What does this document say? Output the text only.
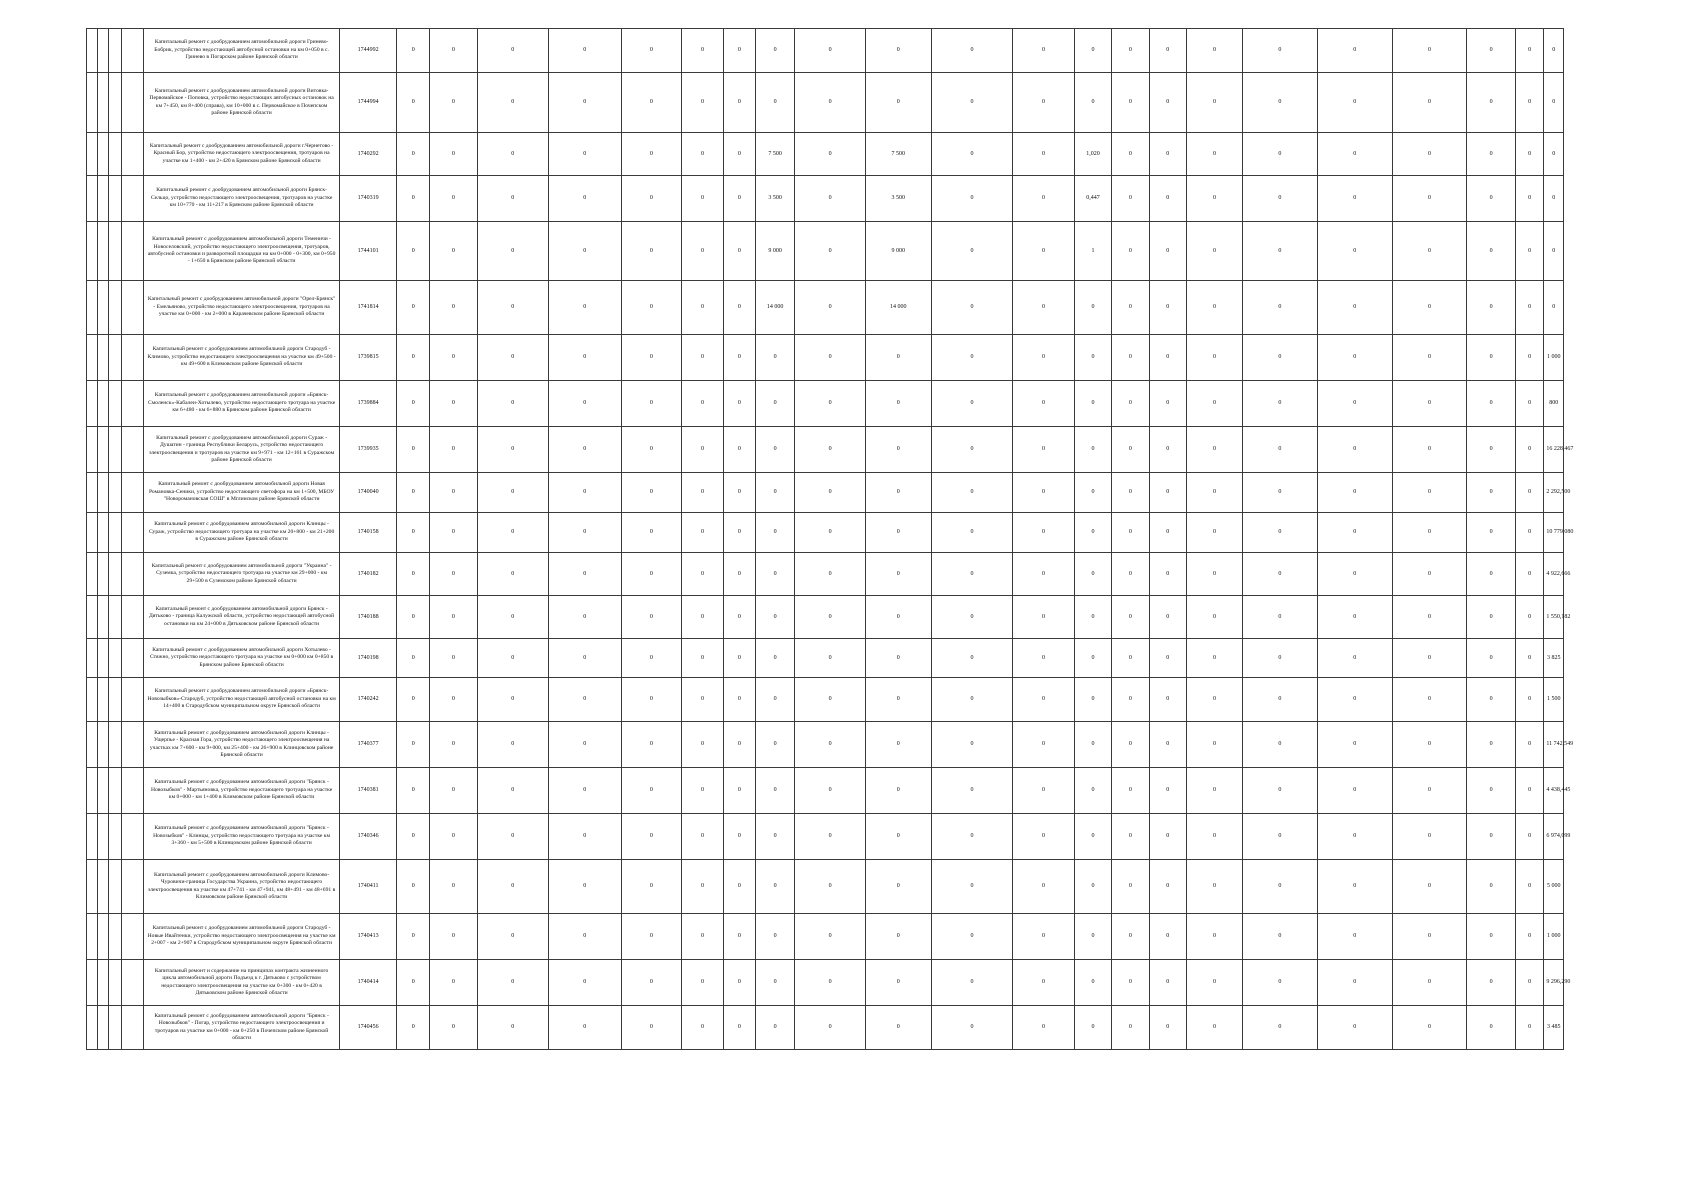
				Капитальный ремонт с дообрудованием автомобильной дороги Гринево-Бобрик, устройство недостающей автобусной остановки на км 0+050 в с. Гринево в Погарском районе Брянской области	1744992	0	0	0	0	0	0	0	0	0	0	0	0	0	0	0	0	0	0	0	0	0	0
				Капитальный ремонт с дообрудованием автомобильной дороги Витовка-Первомайское - Поповка, устройство недостающих автобусных остановок на км 7+450, км 8+400 (справа), км 10+000 в с. Первомайское в Почепском районе Брянской области	1744994	0	0	0	0	0	0	0	0	0	0	0	0	0	0	0	0	0	0	0	0	0	0
				Капитальный ремонт с дообрудованием автомобильной дороги г.Чернетово - Красный Бор, устройство недостающего электроосвещения, тротуаров на участке км 1+400 - км 2+420 в Брянском районе Брянской области	1740292	0	0	0	0	0	0	0	7 500	0	7 500	0	0	1,020	0	0	0	0	0	0	0	0	0
				Капитальный ремонт с дообрудованием автомобильной дороги Брянск- Сельцо, устройство недостающего электроосвещения, тротуаров на участке км 10+770 - км 11+217 в Брянском районе Брянской области	1740319	0	0	0	0	0	0	0	3 500	0	3 500	0	0	0,447	0	0	0	0	0	0	0	0	0
				Капитальный ремонт с дообрудованием автомобильной дороги Теменичи - Новоселовский, устройство недостающего электроосвещения, тротуаров, автобусной остановки и разворотной площадки на км 0+000 - 0+300, км 0+950 - 1+650 в Брянском районе Брянской области	1744101	0	0	0	0	0	0	0	9 000	0	9 000	0	0	1	0	0	0	0	0	0	0	0	0
				Капитальный ремонт с дообрудованием автомобильной дороги "Орел-Брянск" - Емельяново, устройство недостающего электроосвещения, тротуаров на участке км 0+000 - км 2+000 в Карачевском районе Брянской области	1741814	0	0	0	0	0	0	0	14 000	0	14 000	0	0	0	0	0	0	0	0	0	0	0	0
				Капитальный ремонт с дообрудованием автомобильной дороги Стародуб - Климово, устройство недостающего электроосвещения на участке км 49+500 - км 49+600 в Климовском районе Брянской области	1739815	0	0	0	0	0	0	0	0	0	0	0	0	0	0	0	0	0	0	0	0	0	1 000
				Капитальный ремонт с дообрудованием автомобильной дороги «Брянск-Смоленск»-Кабалеи-Хотылево, устройство недостающего тротуара на участке км 6+480 - км 6+880 в Брянском районе Брянской области	1739884	0	0	0	0	0	0	0	0	0	0	0	0	0	0	0	0	0	0	0	0	0	800
				Капитальный ремонт с дообрудованием автомобильной дороги Сураж - Душатин - граница Республики Беларусь, устройство недостающего электроосвещения и тротуаров на участке км 9+971 - км 12+161 в Суражском районе Брянской области	1739935	0	0	0	0	0	0	0	0	0	0	0	0	0	0	0	0	0	0	0	0	0	16 228,467
				Капитальный ремонт с дообрудованием автомобильной дороги Новая Романовка-Сеники, устройство недостающего светофора на км 1+500, МБОУ "Новоромановская СОШ" в Мглинском районе Брянской области	1740040	0	0	0	0	0	0	0	0	0	0	0	0	0	0	0	0	0	0	0	0	0	2 292,500
				Капитальный ремонт с дообрудованием автомобильной дороги Клинцы - Сураж, устройство недостающего тротуара на участке км 20+800 - км 21+200 в Суражском районе Брянской области	1740158	0	0	0	0	0	0	0	0	0	0	0	0	0	0	0	0	0	0	0	0	0	10 779,080
				Капитальный ремонт с дообрудованием автомобильной дороги "Украина" - Суземка, устройство недостающего тротуара на участке км 29+000 - км 29+500 в Суземском районе Брянской области	1740182	0	0	0	0	0	0	0	0	0	0	0	0	0	0	0	0	0	0	0	0	0	4 922,666
				Капитальный ремонт с дообрудованием автомобильной дороги Брянск - Дятьково - граница Калужской области, устройство недостающей автобусной остановки на км 24+000 в Дятьковском районе Брянской области	1740188	0	0	0	0	0	0	0	0	0	0	0	0	0	0	0	0	0	0	0	0	0	1 550,182
				Капитальный ремонт с дообрудованием автомобильной дороги Хотылево - Стяжно, устройство недостающего тротуара на участке км 0+000 км 0+850 в Брянском районе Брянской области	1740198	0	0	0	0	0	0	0	0	0	0	0	0	0	0	0	0	0	0	0	0	0	3 825
				Капитальный ремонт с дообрудованием автомобильной дороги «Брянск-Новозыбков»-Стародуб, устройство недостающей автобусной остановки на км 14+400 в Стародубском муниципальном округе Брянской области	1740242	0	0	0	0	0	0	0	0	0	0	0	0	0	0	0	0	0	0	0	0	0	1 500
				Капитальный ремонт с дообрудованием автомобильной дороги Клинцы - Ущерпье - Красная Гора, устройство недостающего электроосвещения на участках км 7+600 - км 9+000, км 25+400 - км 26+900 в Клинцовском районе Брянской области	1740377	0	0	0	0	0	0	0	0	0	0	0	0	0	0	0	0	0	0	0	0	0	11 742,549
				Капитальный ремонт с дообрудованием автомобильной дороги "Брянск - Новозыбков" - Мартьяновка, устройство недостающего тротуара на участке км 0+000 - км 1+400 в Климовском районе Брянской области	1740381	0	0	0	0	0	0	0	0	0	0	0	0	0	0	0	0	0	0	0	0	0	4 438,445
				Капитальный ремонт с дообрудованием автомобильной дороги "Брянск - Новозыбков" - Клинцы, устройство недостающего тротуара на участке км 3+360 - км 5+500 в Клинцовском районе Брянской области	1740346	0	0	0	0	0	0	0	0	0	0	0	0	0	0	0	0	0	0	0	0	0	6 974,099
				Капитальный ремонт с дообрудованием автомобильной дороги Климово-Чуровичи-граница Государства Украина, устройство недостающего электроосвещения на участке км 47+741 - км 47+941, км 48+491 - км 48+691 в Климовском районе Брянской области	1740411	0	0	0	0	0	0	0	0	0	0	0	0	0	0	0	0	0	0	0	0	0	5 000
				Капитальный ремонт с дообрудованием автомобильной дороги Стародуб - Новые Ивайтенки, устройство недостающего электроосвещения на участке км 2+007 - км 2+907 в Стародубском муниципальном округе Брянской области	1740413	0	0	0	0	0	0	0	0	0	0	0	0	0	0	0	0	0	0	0	0	0	1 000
				Капитальный ремонт и содержание на принципах контракта жизненного цикла автомобильной дороги Подъезд к г. Дятьково с устройством недостающего электроосвещения на участке км 0+300 - км 0+420 в Дятьковском районе Брянской области	1740414	0	0	0	0	0	0	0	0	0	0	0	0	0	0	0	0	0	0	0	0	0	9 296,290
				Капитальный ремонт с дообрудованием автомобильной дороги "Брянск - Новозыбков" - Погар, устройство недостающего электроосвещения и тротуаров на участке км 0+000 - км 0+250 в Почепском районе Брянской области	1740456	0	0	0	0	0	0	0	0	0	0	0	0	0	0	0	0	0	0	0	0	0	3 485
